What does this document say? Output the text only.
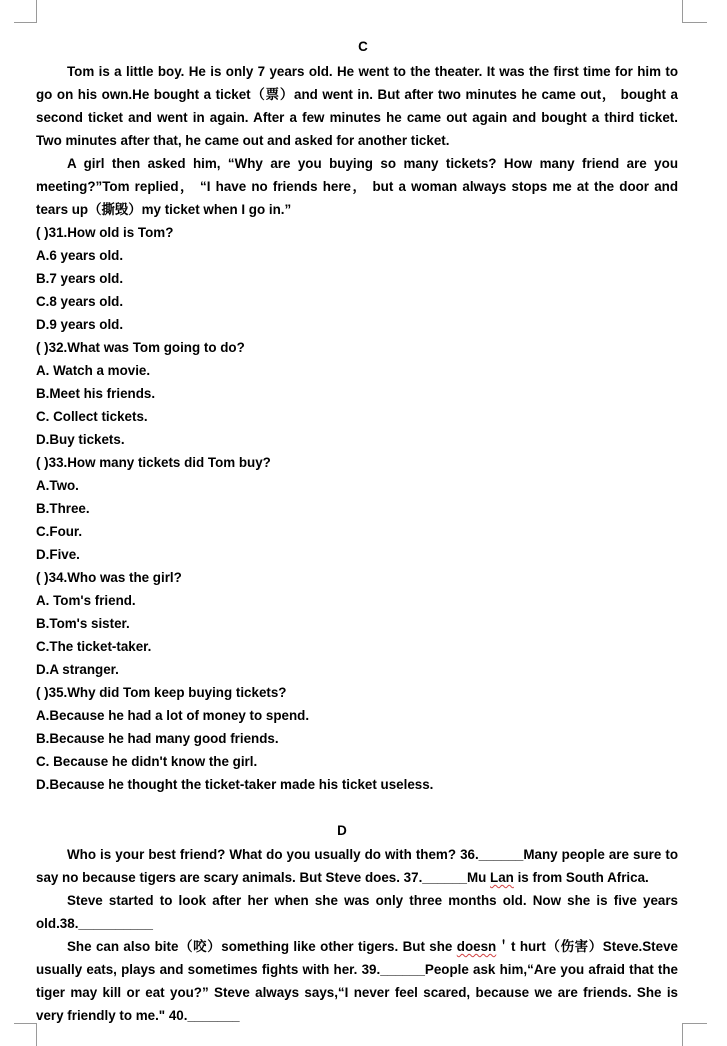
C

Tom is a little boy. He is only 7 years old. He went to the theater. It was the first time for him to go on his own.He bought a ticket（票）and went in. But after two minutes he came out， bought a second ticket and went in again. After a few minutes he came out again and bought a third ticket. Two minutes after that, he came out and asked for another ticket.

A girl then asked him, “Why are you buying so many tickets? How many friend are you meeting?”Tom replied， “I have no friends here， but a woman always stops me at the door and tears up（撕毁）my ticket when I go in.”

( )31.How old is Tom?
A.6 years old.
B.7 years old.
C.8 years old.
D.9 years old.
( )32.What was Tom going to do?
A. Watch a movie.
B.Meet his friends.
C. Collect tickets.
D.Buy tickets.
( )33.How many tickets did Tom buy?
A.Two.
B.Three.
C.Four.
D.Five.
( )34.Who was the girl?
A. Tom's friend.
B.Tom's sister.
C.The ticket-taker.
D.A stranger.
( )35.Why did Tom keep buying tickets?
A.Because he had a lot of money to spend.
B.Because he had many good friends.
C. Because he didn't know the girl.
D.Because he thought the ticket-taker made his ticket useless.
D

Who is your best friend? What do you usually do with them? 36.______Many people are sure to say no because tigers are scary animals. But Steve does. 37.______Mu Lan is from South Africa.

Steve started to look after her when she was only three months old. Now she is five years old.38.__________

She can also bite（咬）something like other tigers. But she doesn＇t hurt（伤害）Steve.Steve usually eats, plays and sometimes fights with her. 39.______People ask him,“Are you afraid that the tiger may kill or eat you?” Steve always says,“I never feel scared, because we are friends. She is very friendly to me." 40._______
